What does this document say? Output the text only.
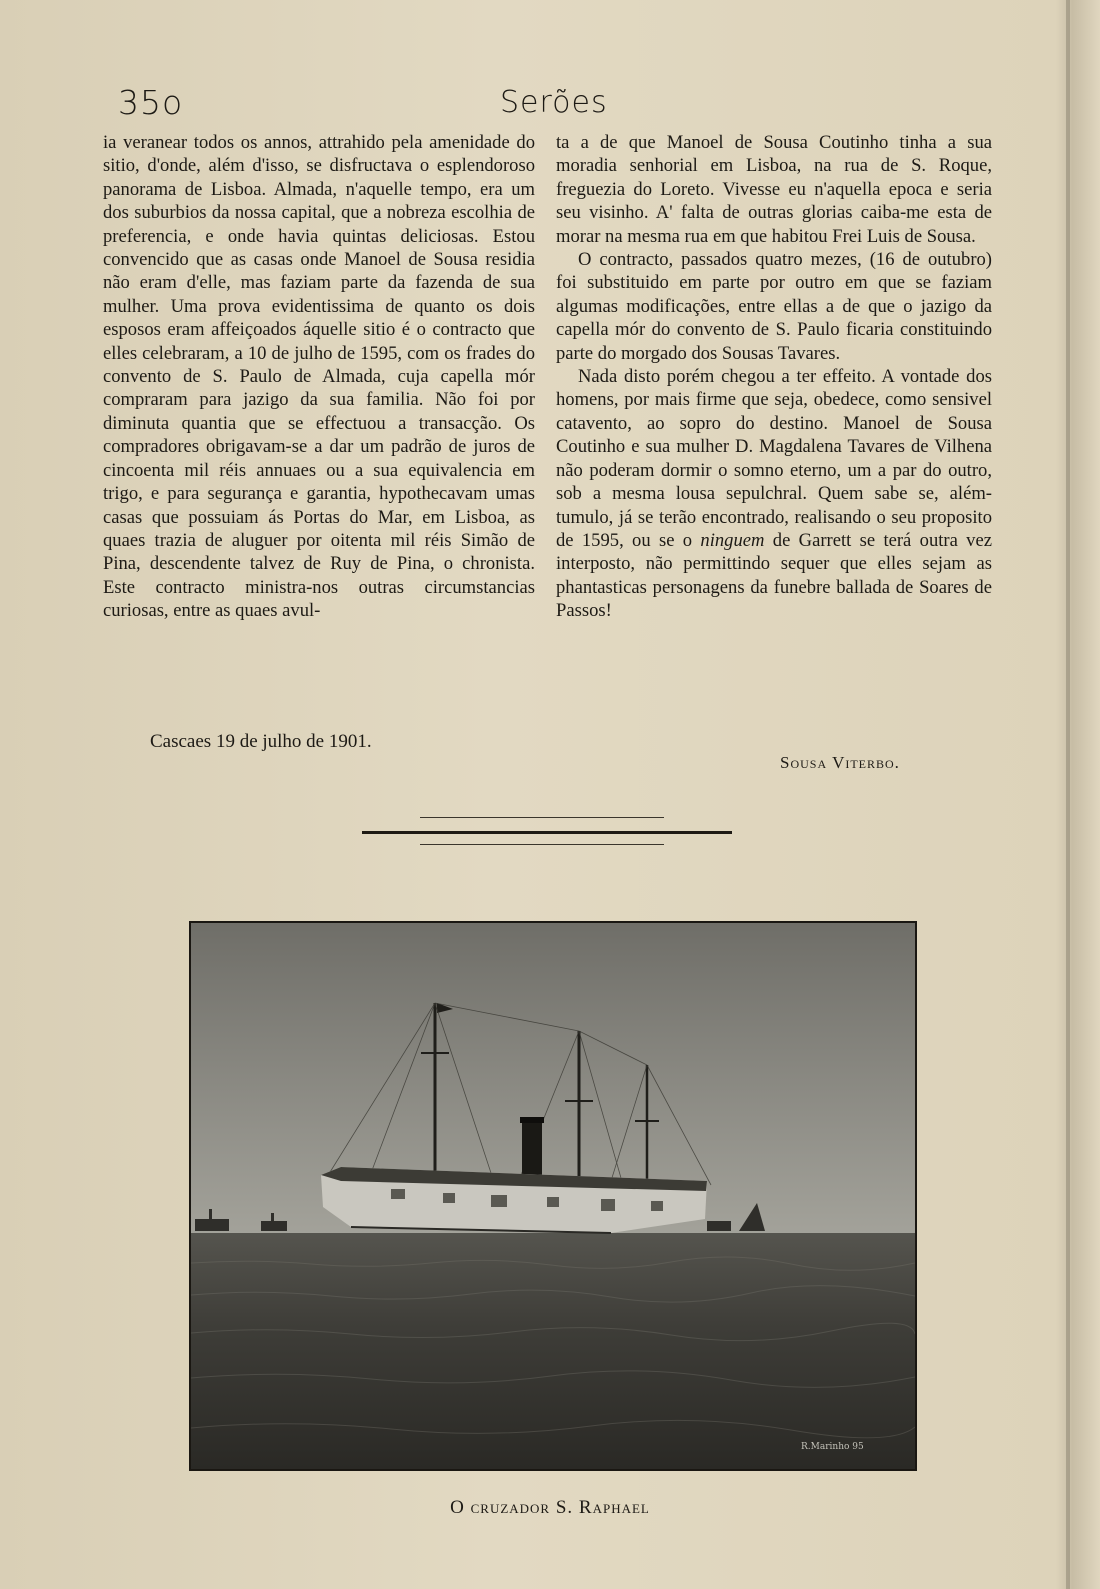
35o	Serões

ia veranear todos os annos, attrahido pela amenidade do sitio, d'onde, além d'isso, se disfructava o esplendoroso panorama de Lisboa. Almada, n'aquelle tempo, era um dos suburbios da nossa capital, que a nobreza escolhia de preferencia, e onde havia quintas deliciosas. Estou convencido que as casas onde Manoel de Sousa residia não eram d'elle, mas faziam parte da fazenda de sua mulher. Uma prova evidentissima de quanto os dois esposos eram affeiçoados áquelle sitio é o contracto que elles celebraram, a 10 de julho de 1595, com os frades do convento de S. Paulo de Almada, cuja capella mór compraram para jazigo da sua familia. Não foi por diminuta quantia que se effectuou a transacção. Os compradores obrigavam-se a dar um padrão de juros de cincoenta mil réis annuaes ou a sua equivalencia em trigo, e para segurança e garantia, hypothecavam umas casas que possuiam ás Portas do Mar, em Lisboa, as quaes trazia de aluguer por oitenta mil réis Simão de Pina, descendente talvez de Ruy de Pina, o chronista. Este contracto ministra-nos outras circumstancias curiosas, entre as quaes avul-

ta a de que Manoel de Sousa Coutinho tinha a sua moradia senhorial em Lisboa, na rua de S. Roque, freguezia do Loreto. Vivesse eu n'aquella epoca e seria seu visinho. A' falta de outras glorias caiba-me esta de morar na mesma rua em que habitou Frei Luis de Sousa.

O contracto, passados quatro mezes, (16 de outubro) foi substituido em parte por outro em que se faziam algumas modificações, entre ellas a de que o jazigo da capella mór do convento de S. Paulo ficaria constituindo parte do morgado dos Sousas Tavares.

Nada disto porém chegou a ter effeito. A vontade dos homens, por mais firme que seja, obedece, como sensivel catavento, ao sopro do destino. Manoel de Sousa Coutinho e sua mulher D. Magdalena Tavares de Vilhena não poderam dormir o somno eterno, um a par do outro, sob a mesma lousa sepulchral. Quem sabe se, além-tumulo, já se terão encontrado, realisando o seu proposito de 1595, ou se o ninguem de Garrett se terá outra vez interposto, não permittindo sequer que elles sejam as phantasticas personagens da funebre ballada de Soares de Passos!

Cascaes 19 de julho de 1901.
Sousa Viterbo.
R.Marinho 95
O cruzador S. Raphael
